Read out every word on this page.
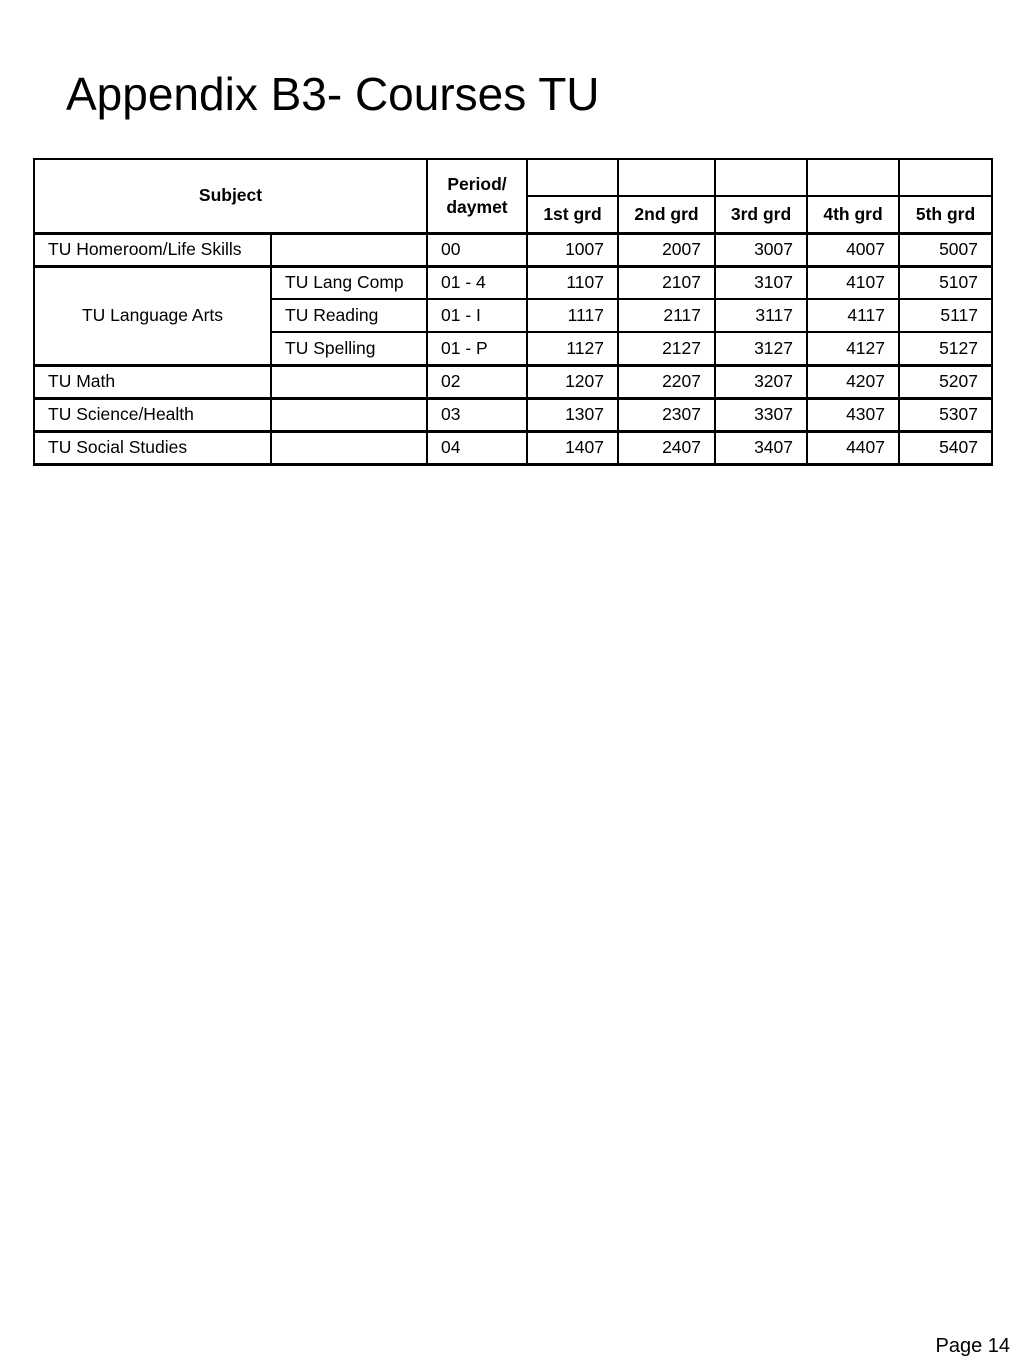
Appendix B3- Courses TU
Subject		Period/ daymet					
			1st grd	2nd grd	3rd grd	4th grd	5th grd
TU Homeroom/Life Skills		00	1007	2007	3007	4007	5007
TU Language Arts	TU Lang Comp	01 - 4	1107	2107	3107	4107	5107
	TU Reading	01 - I	1117	2117	3117	4117	5117
	TU Spelling	01 - P	1127	2127	3127	4127	5127
TU Math		02	1207	2207	3207	4207	5207
TU Science/Health		03	1307	2307	3307	4307	5307
TU Social Studies		04	1407	2407	3407	4407	5407
Page 14
